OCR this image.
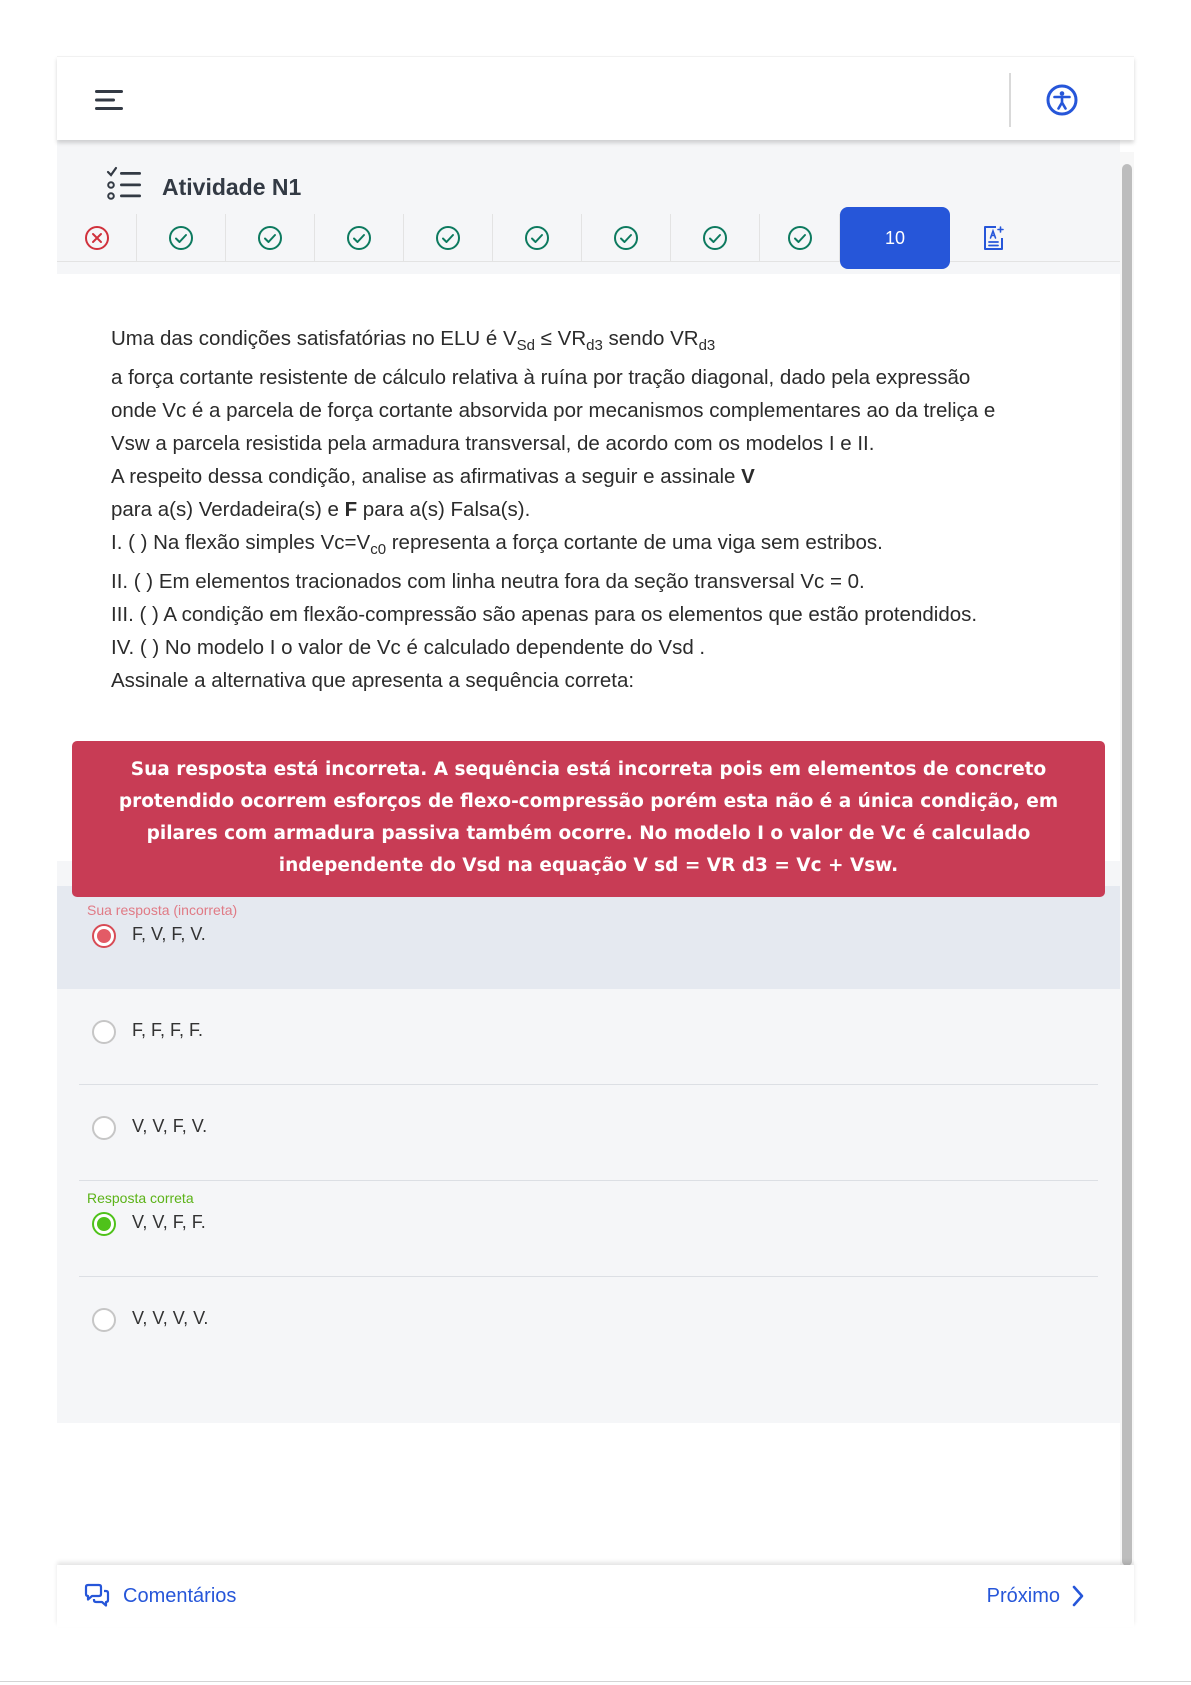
Atividade N1
10
Uma das condições satisfatórias no ELU é $V_{Sd} \le VR_{d3}$ sendo $VR_{d3}$
a força cortante resistente de cálculo relativa à ruína por tração diagonal, dado pela expressão
onde Vc é a parcela de força cortante absorvida por mecanismos complementares ao da treliça e
Vsw a parcela resistida pela armadura transversal, de acordo com os modelos I e II.
A respeito dessa condição, analise as afirmativas a seguir e assinale V
para a(s) Verdadeira(s) e F para a(s) Falsa(s).
I. ( ) Na flexão simples $Vc=V_{c0}$ representa a força cortante de uma viga sem estribos.
II. ( ) Em elementos tracionados com linha neutra fora da seção transversal Vc = 0.
III. ( ) A condição em flexão-compressão são apenas para os elementos que estão protendidos.
IV. ( ) No modelo I o valor de Vc é calculado dependente do Vsd .
Assinale a alternativa que apresenta a sequência correta:
Sua resposta está incorreta. A sequência está incorreta pois em elementos de concreto protendido ocorrem esforços de flexo-compressão porém esta não é a única condição, em pilares com armadura passiva também ocorre. No modelo I o valor de Vc é calculado independente do Vsd na equação V sd = VR d3 = Vc + Vsw.
Sua resposta (incorreta)
F, V, F, V.
F, F, F, F.
V, V, F, V.
Resposta correta
V, V, F, F.
V, V, V, V.
Comentários	Próximo
